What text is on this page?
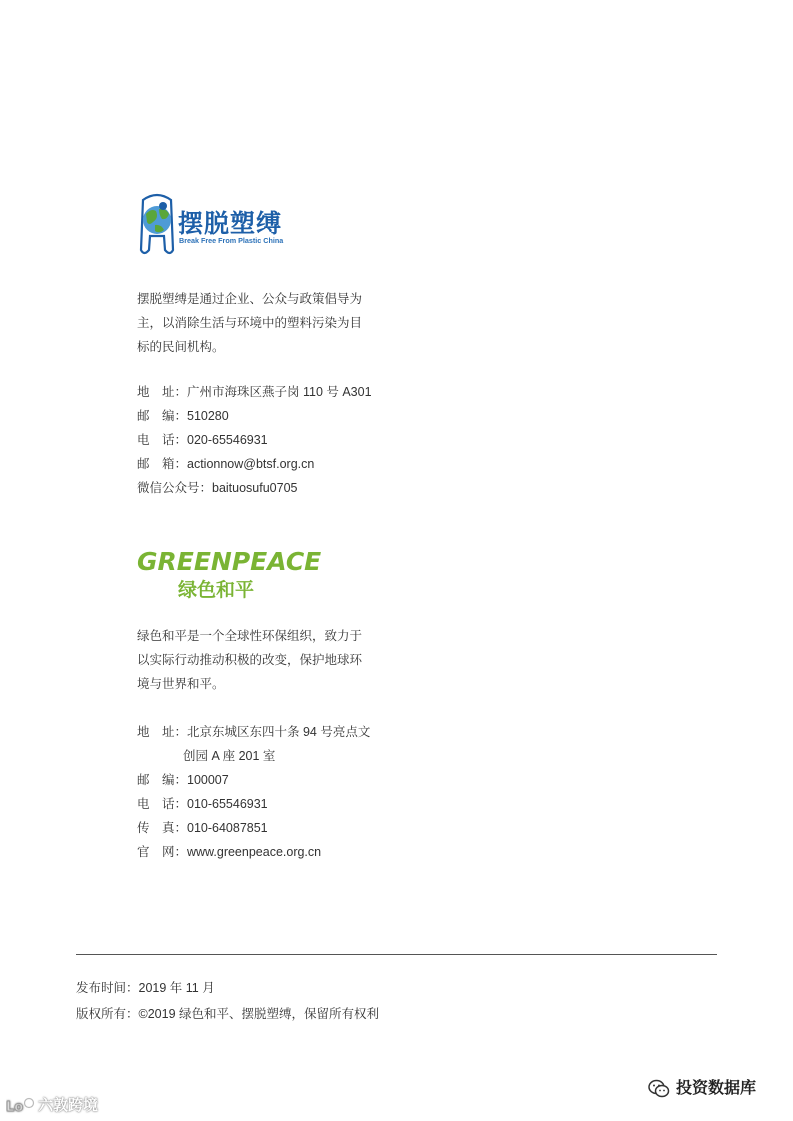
摆脱塑缚
Break Free From Plastic China
摆脱塑缚是通过企业、公众与政策倡导为
主，以消除生活与环境中的塑料污染为目
标的民间机构。
地　址：广州市海珠区燕子岗 110 号 A301
邮　编：510280
电　话：020-65546931
邮　箱：actionnow@btsf.org.cn
微信公众号：baituosufu0705
GREENPEACE
绿色和平
绿色和平是一个全球性环保组织，致力于
以实际行动推动积极的改变，保护地球环
境与世界和平。
地　址：北京东城区东四十条 94 号亮点文
创园 A 座 201 室
邮　编：100007
电　话：010-65546931
传　真：010-64087851
官　网：www.greenpeace.org.cn
发布时间：2019 年 11 月
版权所有：©2019 绿色和平、摆脱塑缚，保留所有权利
投资数据库
Lo 六敦跨境
